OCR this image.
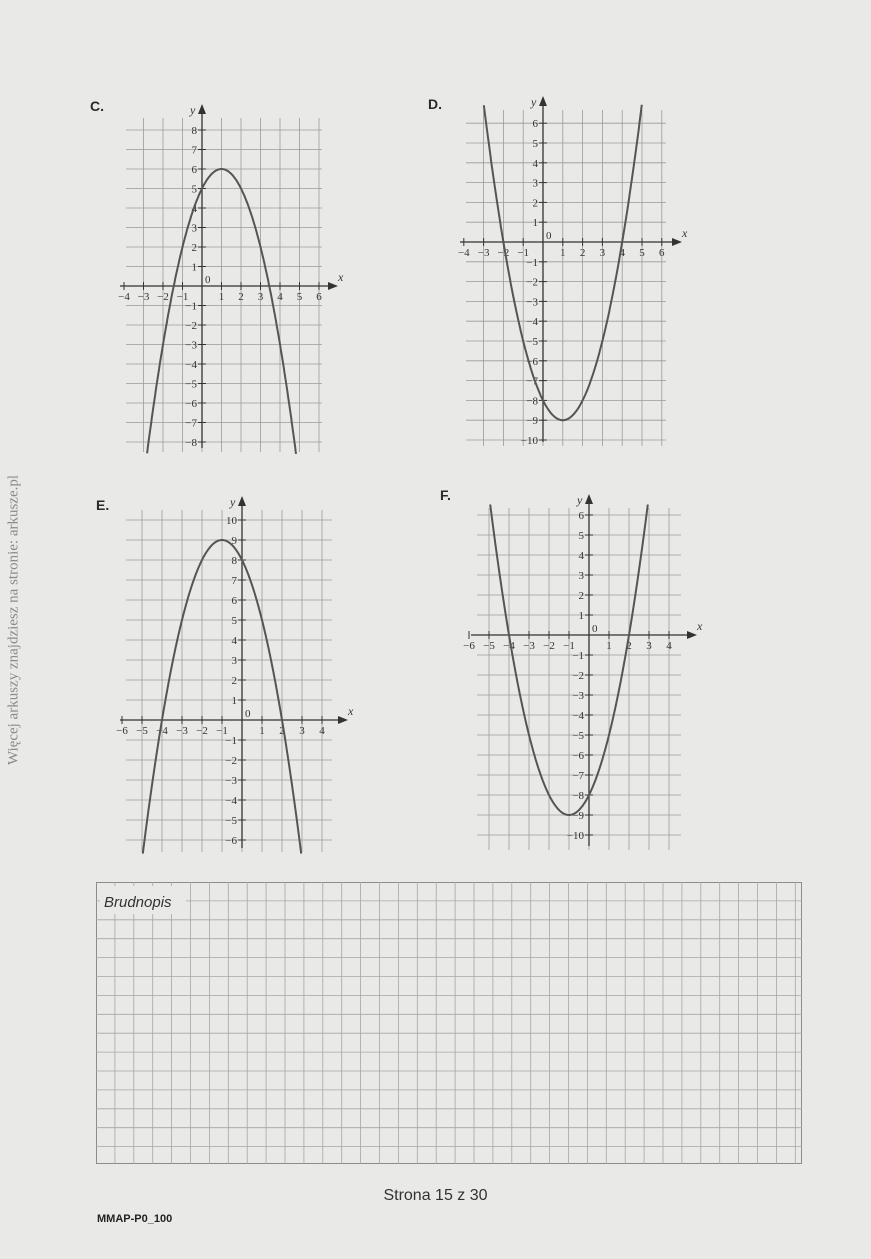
Więcej arkuszy znajdziesz na stronie: arkusze.pl
C.
x
y
0
−4 −3 −2 −1	1 2 3 4 5 6
8
7
6
5
4
3
2
1
−1
−2
−3
−4
−5
−6
−7
−8
D.
x
y
0
−4 −3 −2 −1	1 2 3 4 5 6
6
5
4
3
2
1
−1
−2
−3
−4
−5
−6
−7
−8
−9
−10
E.
x
y
0
−6 −5 −4 −3 −2 −1	1 2 3 4
10
9
8
7
6
5
4
3
2
1
−1
−2
−3
−4
−5
−6
F.
x
y
0
−6 −5 −4 −3 −2 −1	1 2 3 4
6
5
4
3
2
1
−1
−2
−3
−4
−5
−6
−7
−8
−9
−10
Brudnopis
Strona 15 z 30
MMAP-P0_100
